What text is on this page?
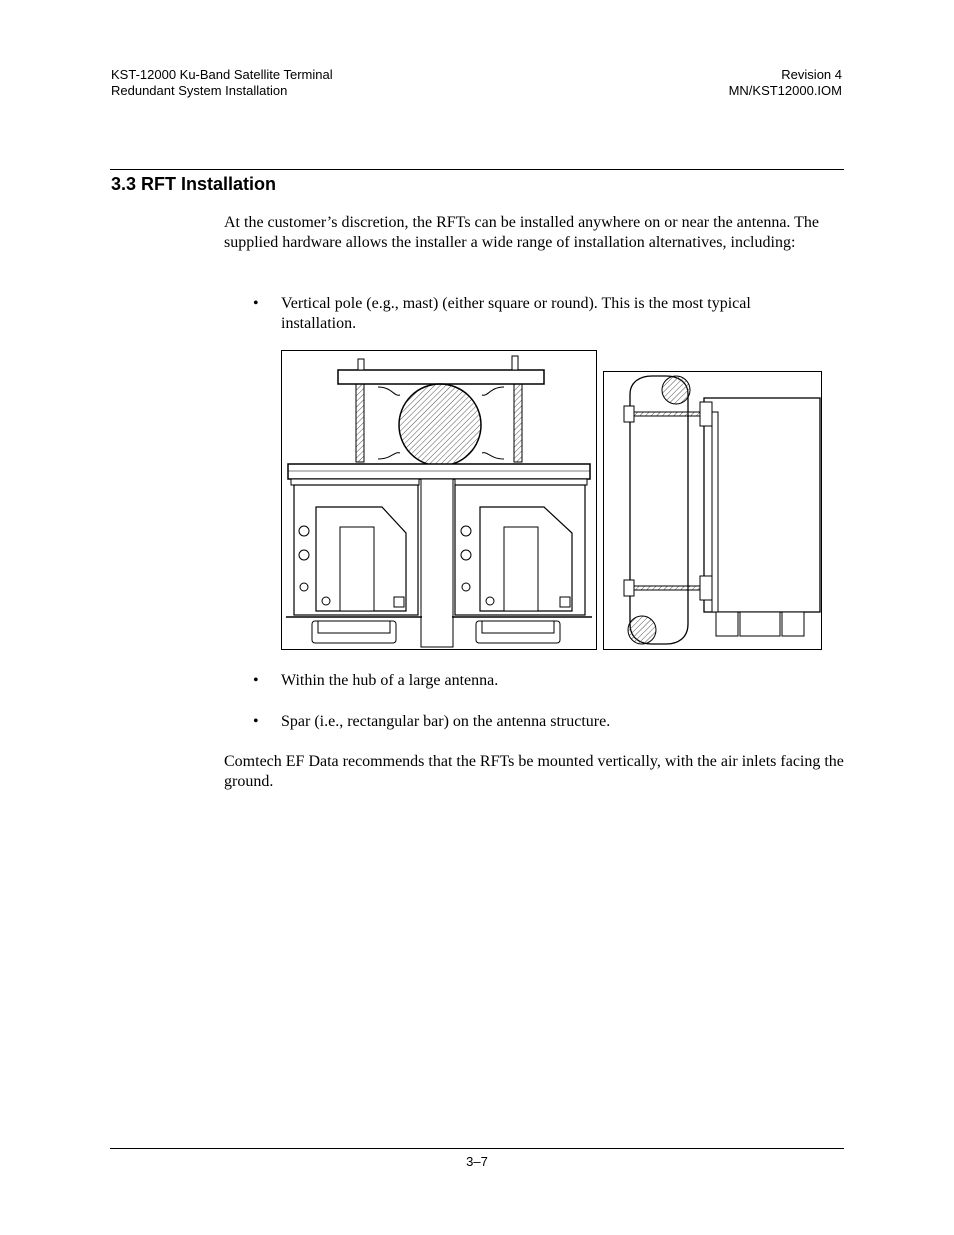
KST-12000 Ku-Band Satellite Terminal
Redundant System Installation
Revision 4
MN/KST12000.IOM
3.3 RFT Installation
At the customer’s discretion, the RFTs can be installed anywhere on or near the antenna. The supplied hardware allows the installer a wide range of installation alternatives, including:
• Vertical pole (e.g., mast) (either square or round). This is the most typical installation.
• Within the hub of a large antenna.
• Spar (i.e., rectangular bar) on the antenna structure.
Comtech EF Data recommends that the RFTs be mounted vertically, with the air inlets facing the ground.
3–7
